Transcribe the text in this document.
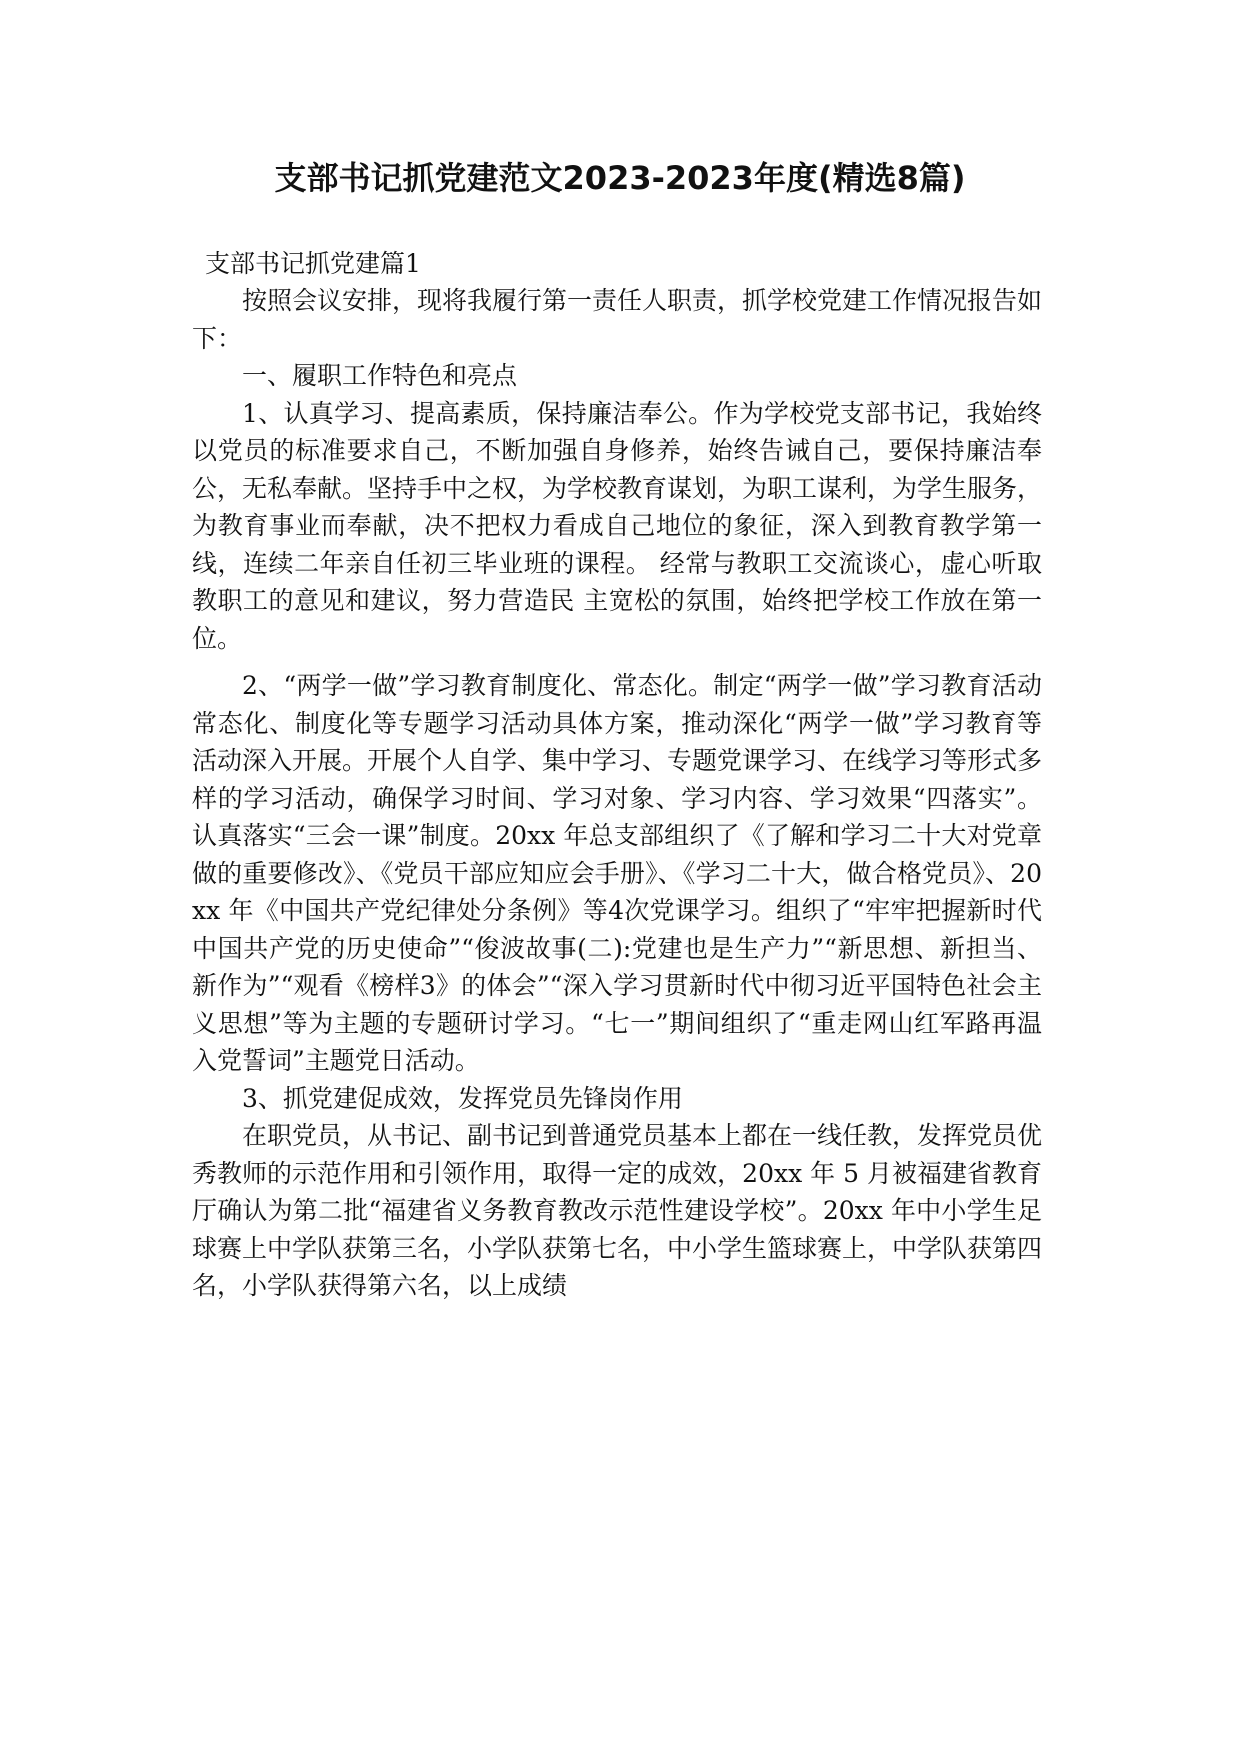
支部书记抓党建范文2023-2023年度(精选8篇)
支部书记抓党建篇1

按照会议安排，现将我履行第一责任人职责，抓学校党建工作情况报告如下：

一、履职工作特色和亮点

1、认真学习、提高素质，保持廉洁奉公。作为学校党支部书记，我始终以党员的标准要求自己，不断加强自身修养，始终告诫自己，要保持廉洁奉公，无私奉献。坚持手中之权，为学校教育谋划，为职工谋利，为学生服务，为教育事业而奉献，决不把权力看成自己地位的象征，深入到教育教学第一线，连续二年亲自任初三毕业班的课程。 经常与教职工交流谈心，虚心听取教职工的意见和建议，努力营造民 主宽松的氛围，始终把学校工作放在第一位。

2、“两学一做”学习教育制度化、常态化。制定“两学一做”学习教育活动常态化、制度化等专题学习活动具体方案，推动深化“两学一做”学习教育等活动深入开展。开展个人自学、集中学习、专题党课学习、在线学习等形式多样的学习活动，确保学习时间、学习对象、学习内容、学习效果“四落实”。认真落实“三会一课”制度。20xx 年总支部组织了《了解和学习二十大对党章做的重要修改》、《党员干部应知应会手册》、《学习二十大，做合格党员》、20xx 年《中国共产党纪律处分条例》等4次党课学习。组织了“牢牢把握新时代中国共产党的历史使命”“俊波故事(二):党建也是生产力”“新思想、新担当、新作为”“观看《榜样3》的体会”“深入学习贯新时代中彻习近平国特色社会主义思想”等为主题的专题研讨学习。“七一”期间组织了“重走网山红军路再温入党誓词”主题党日活动。

3、抓党建促成效，发挥党员先锋岗作用

在职党员，从书记、副书记到普通党员基本上都在一线任教，发挥党员优秀教师的示范作用和引领作用，取得一定的成效，20xx 年 5 月被福建省教育厅确认为第二批“福建省义务教育教改示范性建设学校”。20xx 年中小学生足球赛上中学队获第三名，小学队获第七名，中小学生篮球赛上，中学队获第四名，小学队获得第六名，以上成绩
